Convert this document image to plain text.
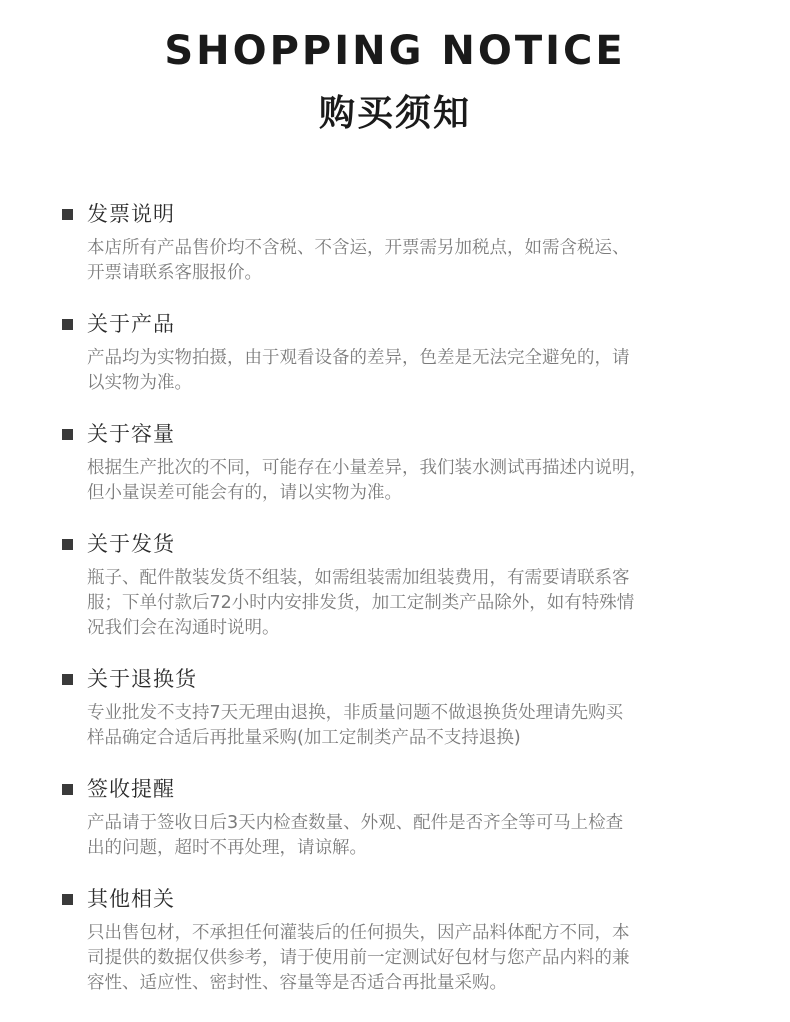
SHOPPING NOTICE
购买须知
发票说明
本店所有产品售价均不含税、不含运，开票需另加税点，如需含税运、
开票请联系客服报价。
关于产品
产品均为实物拍摄，由于观看设备的差异，色差是无法完全避免的，请
以实物为准。
关于容量
根据生产批次的不同，可能存在小量差异，我们装水测试再描述内说明，
但小量误差可能会有的，请以实物为准。
关于发货
瓶子、配件散装发货不组装，如需组装需加组装费用，有需要请联系客
服；下单付款后72小时内安排发货，加工定制类产品除外，如有特殊情
况我们会在沟通时说明。
关于退换货
专业批发不支持7天无理由退换，非质量问题不做退换货处理请先购买
样品确定合适后再批量采购(加工定制类产品不支持退换)
签收提醒
产品请于签收日后3天内检查数量、外观、配件是否齐全等可马上检查
出的问题，超时不再处理，请谅解。
其他相关
只出售包材，不承担任何灌装后的任何损失，因产品料体配方不同，本
司提供的数据仅供参考，请于使用前一定测试好包材与您产品内料的兼
容性、适应性、密封性、容量等是否适合再批量采购。
